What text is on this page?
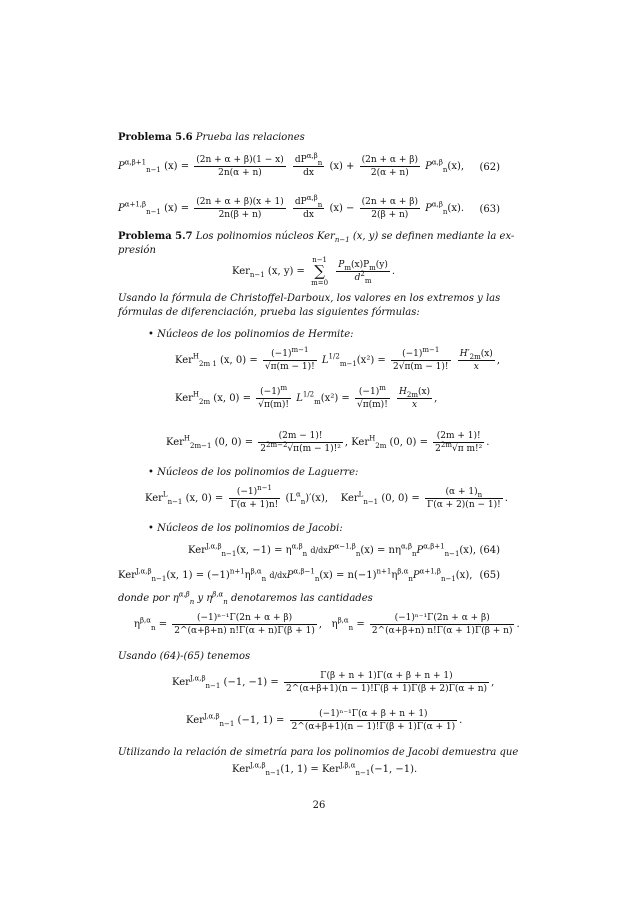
Problema 5.6 Prueba las relaciones
$P^{\alpha,\beta+1}_{n-1}$ $(x) = \frac{(2n + \alpha + \beta)(1 - x)}{2n(\alpha + n)}$
$\frac{dP^{\alpha,\beta}_n}{dx} (x) + \frac{(2n + \alpha + \beta)}{2(\alpha + n)} P^{\alpha,\beta}_n(x)$, (62)
$P^{\alpha+1,\beta}_{n-1}$ $(x) = \frac{(2n + \alpha + \beta)(x + 1)}{2n(\beta + n)}$
$\frac{dP^{\alpha,\beta}_n}{dx} (x) - \frac{(2n + \alpha + \beta)}{2(\beta + n)} P^{\alpha,\beta}_n(x)$. (63)
Problema 5.7 Los polinomios núcleos Ker$_{n-1}$ (x, y) se definen mediante la ex-
presión
Ker$_{n-1}$ (x, y) =
n−1
∑
m=0
$\frac{P_m(x)P_m(y)}{d^2_m}$ .
Usando la fórmula de Christoffel-Darboux, los valores en los extremos y las
fórmulas de diferenciación, prueba las siguientes fórmulas:
• Núcleos de los polinomios de Hermite:
Ker$^H_{2m 1}$ (x, $0) = \frac{(-1)^{m-1}}{√\pi(m - 1)!} L^{1/2}_{m-1}(x^2) = \frac{(-1)^{m-1}}{2√\pi(m - 1)!}$
$\frac{H'_{2m}(x)}{x}$ ,
Ker$^H_{2m}$ (x, $0) = \frac{(-1)^m}{√\pi(m)!} L^{1/2}_m(x^2) = \frac{(-1)^m}{√\pi(m)!}$
$\frac{H_{2m}(x)}{x}$ ,
Ker$^H_{2m-1}$ (0, $0) = \frac{(2m - 1)!}{2^{2m-2}√\pi(m - 1)!^2}$ , Ker$^H_{2m}$ (0, $0) = \frac{(2m + 1)!}{2^{2m}√\pi m!^2}$ .
• Núcleos de los polinomios de Laguerre:
Ker$^L_{n-1}$ (x, $0) = \frac{(-1)^{n-1}}{\Gamma(\alpha + 1)n!} (L^\alpha_n)'(x)$, Ker$^L_{n-1}$ (0, $0) = \frac{(\alpha + 1)_n}{\Gamma(\alpha + 2)(n - 1)!}$ .
• Núcleos de los polinomios de Jacobi:
Ker$^{J,\alpha,\beta}_{n-1}$(x, $-1) = \eta^{\alpha,\beta}_n$ $d/dxP^{\alpha-1,\beta}_n(x) = n\eta^{\alpha,\beta}_nP^{\alpha,\beta+1}_{n-1}(x)$, (64)
Ker$^{J,\alpha,\beta}_{n-1}$(x, $1) = (-1)^{n+1}\eta^{\beta,\alpha}_n$ $d/dxP^{\alpha,\beta-1}_n(x) = n(-1)^{n+1}\eta^{\beta,\alpha}_nP^{\alpha+1,\beta}_{n-1}(x)$, (65)
donde por $\eta^{\alpha,\beta}_n$ y $\eta^{\beta,\alpha}_n$ denotaremos las cantidades
$\eta^{\beta,\alpha}_n = \frac{\text{(−1)ⁿ⁻¹Γ(2n + α + β)}}{2\^{}(\alpha+\beta+n) n!\Gamma(\alpha + n)\Gamma(\beta + 1)}$ , $\eta^{\beta,\alpha}_n = \frac{\text{(−1)ⁿ⁻¹Γ(2n + α + β)}}{2\^{}(\alpha+\beta+n) n!\Gamma(\alpha + 1)\Gamma(\beta + n)}$ .
Usando (64)-(65) tenemos
Ker$^{J,\alpha,\beta}_{n-1}$ (−1, $-1) = \frac{\Gamma(\beta + n + 1)\Gamma(\alpha + \beta + n + 1)}{2\^{}(\alpha+\beta+1)(n - 1)!\Gamma(\beta + 1)\Gamma(\beta + 2)\Gamma(\alpha + n)}$ ,
Ker$^{J,\alpha,\beta}_{n-1}$ (−1, $1) = \frac{\text{(−1)ⁿ⁻¹Γ(α + β + n + 1)}}{2\^{}(\alpha+\beta+1)(n - 1)!\Gamma(\beta + 1)\Gamma(\alpha + 1)}$ .
Utilizando la relación de simetría para los polinomios de Jacobi demuestra que
Ker$^{J,\alpha,\beta}_{n-1}$(1, 1) = Ker$^{J,\beta,\alpha}_{n-1}$(−1, −1).
26
